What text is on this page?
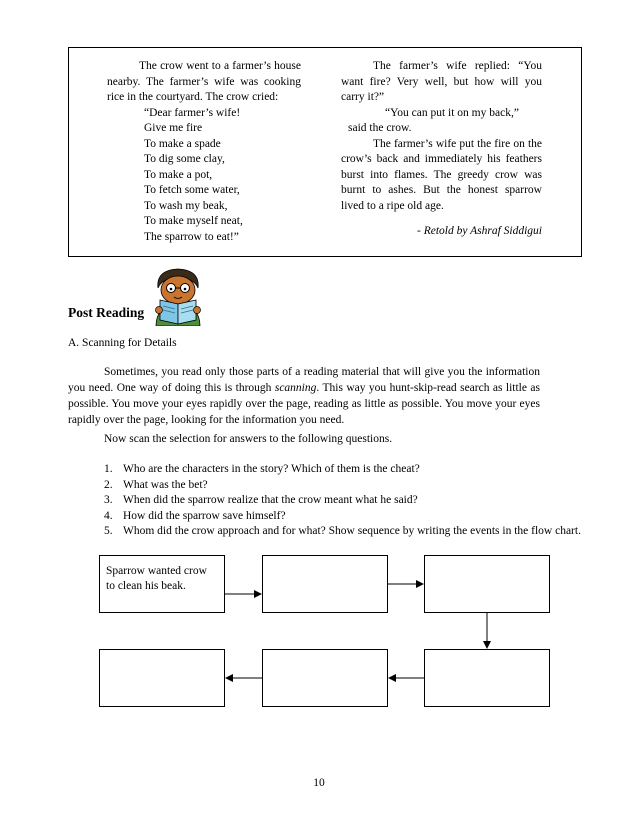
The crow went to a farmer’s house nearby. The farmer’s wife was cooking rice in the courtyard. The crow cried:

“Dear farmer’s wife!
Give me fire
To make a spade
To dig some clay,
To make a pot,
To fetch some water,
To wash my beak,
To make myself neat,
The sparrow to eat!”

The farmer’s wife replied: “You want fire? Very well, but how will you carry it?”

“You can put it on my back,”

said the crow.

The farmer’s wife put the fire on the crow’s back and immediately his feathers burst into flames. The greedy crow was burnt to ashes. But the honest sparrow lived to a ripe old age.

- Retold by Ashraf Siddigui

Post Reading
A. Scanning for Details

Sometimes, you read only those parts of a reading material that will give you the information you need. One way of doing this is through scanning. This way you hunt-skip-read search as little as possible. You move your eyes rapidly over the page, reading as little as possible. You move your eyes rapidly over the page, looking for the information you need.

Now scan the selection for answers to the following questions.
1. Who are the characters in the story? Which of them is the cheat?
2. What was the bet?
3. When did the sparrow realize that the crow meant what he said?
4. How did the sparrow save himself?
5. Whom did the crow approach and for what? Show sequence by writing the events in the flow chart.
Sparrow wanted crow to clean his beak.
10
